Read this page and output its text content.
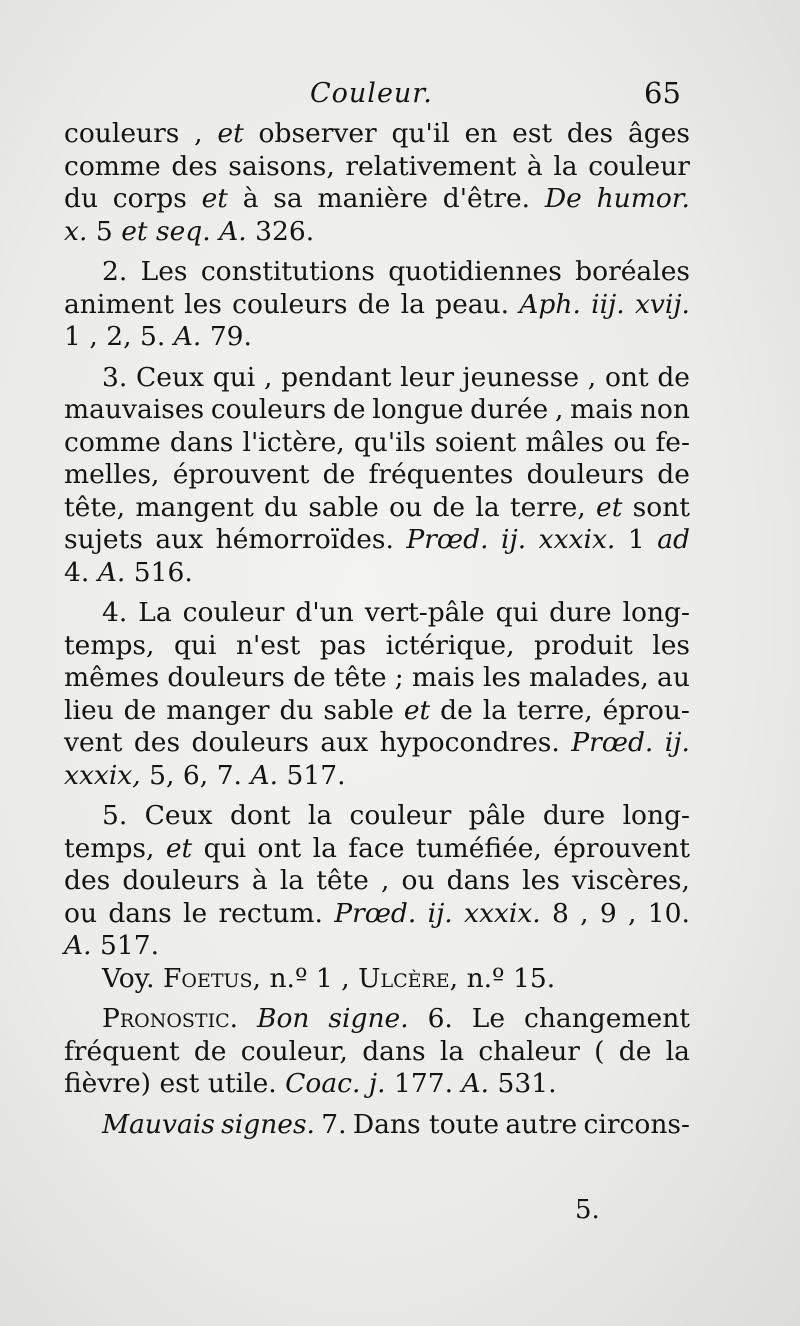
Couleur.	65
couleurs , et observer qu'il en est des âges
comme des saisons, relativement à la couleur
du corps et à sa manière d'être. De humor.
x. 5 et seq. A. 326.
2. Les constitutions quotidiennes boréales
animent les couleurs de la peau. Aph. iij. xvij.
1 , 2, 5. A. 79.
3. Ceux qui , pendant leur jeunesse , ont de
mauvaises couleurs de longue durée , mais non
comme dans l'ictère, qu'ils soient mâles ou fe-
melles, éprouvent de fréquentes douleurs de
tête, mangent du sable ou de la terre, et sont
sujets aux hémorroïdes. Prœd. ij. xxxix. 1 ad
4. A. 516.
4. La couleur d'un vert-pâle qui dure long-
temps, qui n'est pas ictérique, produit les
mêmes douleurs de tête ; mais les malades, au
lieu de manger du sable et de la terre, éprou-
vent des douleurs aux hypocondres. Prœd. ij.
xxxix, 5, 6, 7. A. 517.
5. Ceux dont la couleur pâle dure long-
temps, et qui ont la face tuméfiée, éprouvent
des douleurs à la tête , ou dans les viscères,
ou dans le rectum. Prœd. ij. xxxix. 8 , 9 , 10.
A. 517.
Voy. Foetus, n.º 1 , Ulcère, n.º 15.
Pronostic. Bon signe. 6. Le changement
fréquent de couleur, dans la chaleur ( de la
fièvre) est utile. Coac. j. 177. A. 531.
Mauvais signes. 7. Dans toute autre circons-
5.
